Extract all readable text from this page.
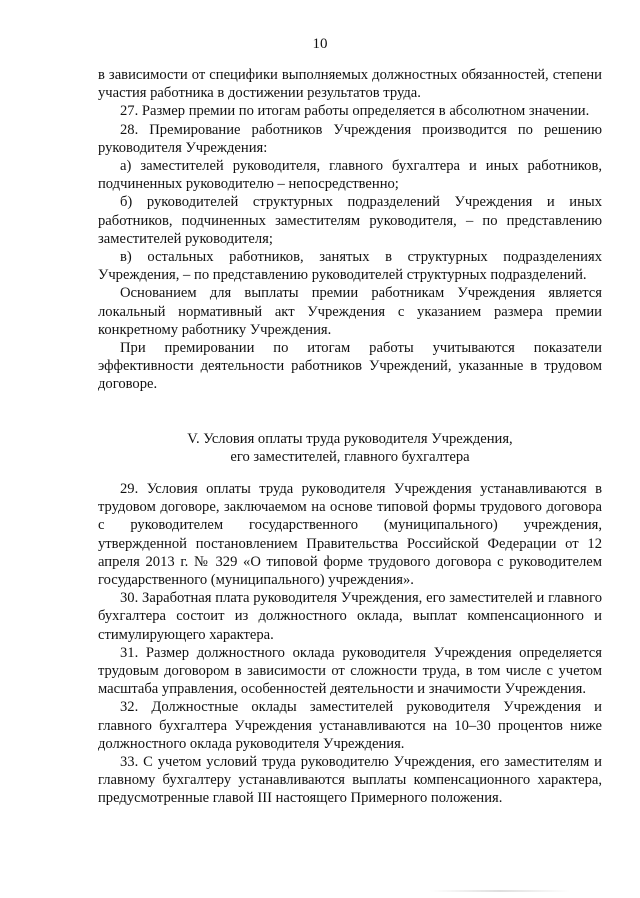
10

в зависимости от специфики выполняемых должностных обязанностей, степени участия работника в достижении результатов труда.

27. Размер премии по итогам работы определяется в абсолютном значении.

28. Премирование работников Учреждения производится по решению руководителя Учреждения:

а) заместителей руководителя, главного бухгалтера и иных работников, подчиненных руководителю – непосредственно;

б) руководителей структурных подразделений Учреждения и иных работников, подчиненных заместителям руководителя, – по представлению заместителей руководителя;

в) остальных работников, занятых в структурных подразделениях Учреждения, – по представлению руководителей структурных подразделений.

Основанием для выплаты премии работникам Учреждения является локальный нормативный акт Учреждения с указанием размера премии конкретному работнику Учреждения.

При премировании по итогам работы учитываются показатели эффективности деятельности работников Учреждений, указанные в трудовом договоре.

V. Условия оплаты труда руководителя Учреждения,
его заместителей, главного бухгалтера

29. Условия оплаты труда руководителя Учреждения устанавливаются в трудовом договоре, заключаемом на основе типовой формы трудового договора с руководителем государственного (муниципального) учреждения, утвержденной постановлением Правительства Российской Федерации от 12 апреля 2013 г. № 329 «О типовой форме трудового договора с руководителем государственного (муниципального) учреждения».

30. Заработная плата руководителя Учреждения, его заместителей и главного бухгалтера состоит из должностного оклада, выплат компенсационного и стимулирующего характера.

31. Размер должностного оклада руководителя Учреждения определяется трудовым договором в зависимости от сложности труда, в том числе с учетом масштаба управления, особенностей деятельности и значимости Учреждения.

32. Должностные оклады заместителей руководителя Учреждения и главного бухгалтера Учреждения устанавливаются на 10–30 процентов ниже должностного оклада руководителя Учреждения.

33. С учетом условий труда руководителю Учреждения, его заместителям и главному бухгалтеру устанавливаются выплаты компенсационного характера, предусмотренные главой III настоящего Примерного положения.
